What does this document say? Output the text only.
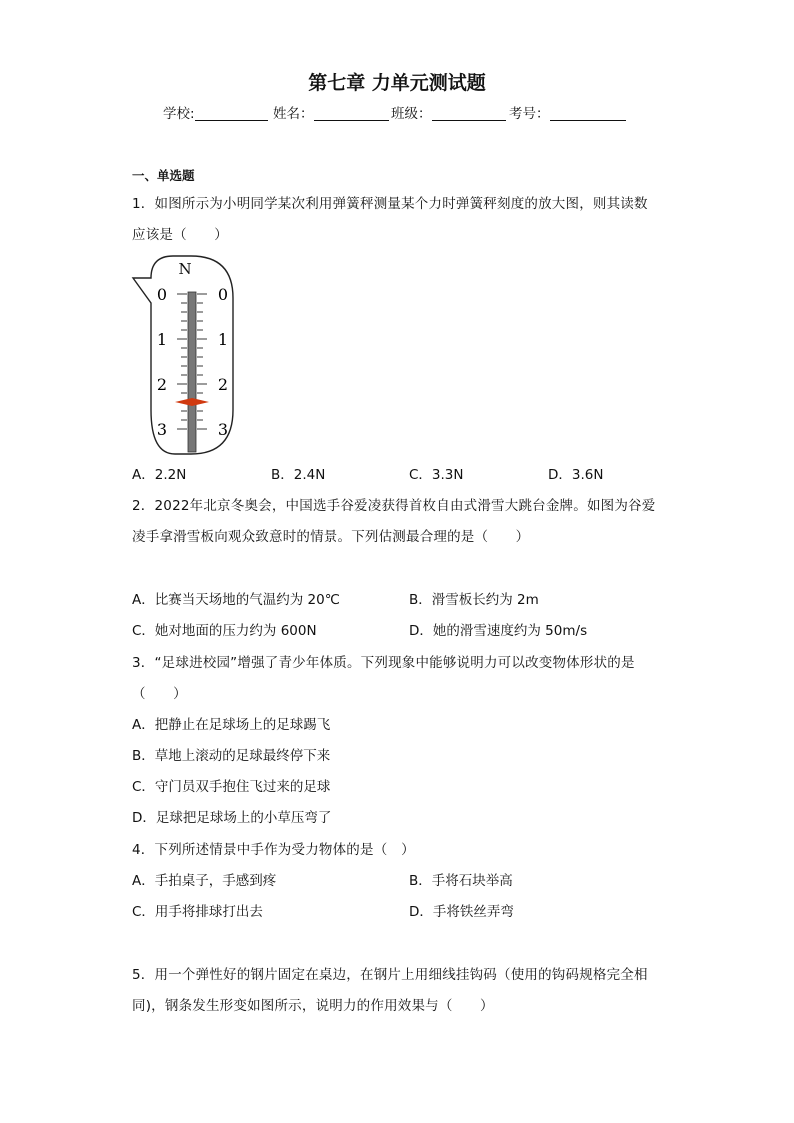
第七章 力单元测试题
学校:	姓名：	班级：	考号：
一、单选题
1．如图所示为小明同学某次利用弹簧秤测量某个力时弹簧秤刻度的放大图，则其读数
应该是（　　）
N
0
1
2
3
0
1
2
3
A．2.2N	B．2.4N	C．3.3N	D．3.6N
2．2022年北京冬奥会，中国选手谷爱凌获得首枚自由式滑雪大跳台金牌。如图为谷爱
凌手拿滑雪板向观众致意时的情景。下列估测最合理的是（　　）
A．比赛当天场地的气温约为 20℃	B．滑雪板长约为 2m
C．她对地面的压力约为 600N	D．她的滑雪速度约为 50m/s
3．“足球进校园”增强了青少年体质。下列现象中能够说明力可以改变物体形状的是
（　　）
A．把静止在足球场上的足球踢飞
B．草地上滚动的足球最终停下来
C．守门员双手抱住飞过来的足球
D．足球把足球场上的小草压弯了
4．下列所述情景中手作为受力物体的是（　）
A．手拍桌子，手感到疼	B．手将石块举高
C．用手将排球打出去	D．手将铁丝弄弯
5．用一个弹性好的钢片固定在桌边，在钢片上用细线挂钩码（使用的钩码规格完全相
同)，钢条发生形变如图所示，说明力的作用效果与（　　）
